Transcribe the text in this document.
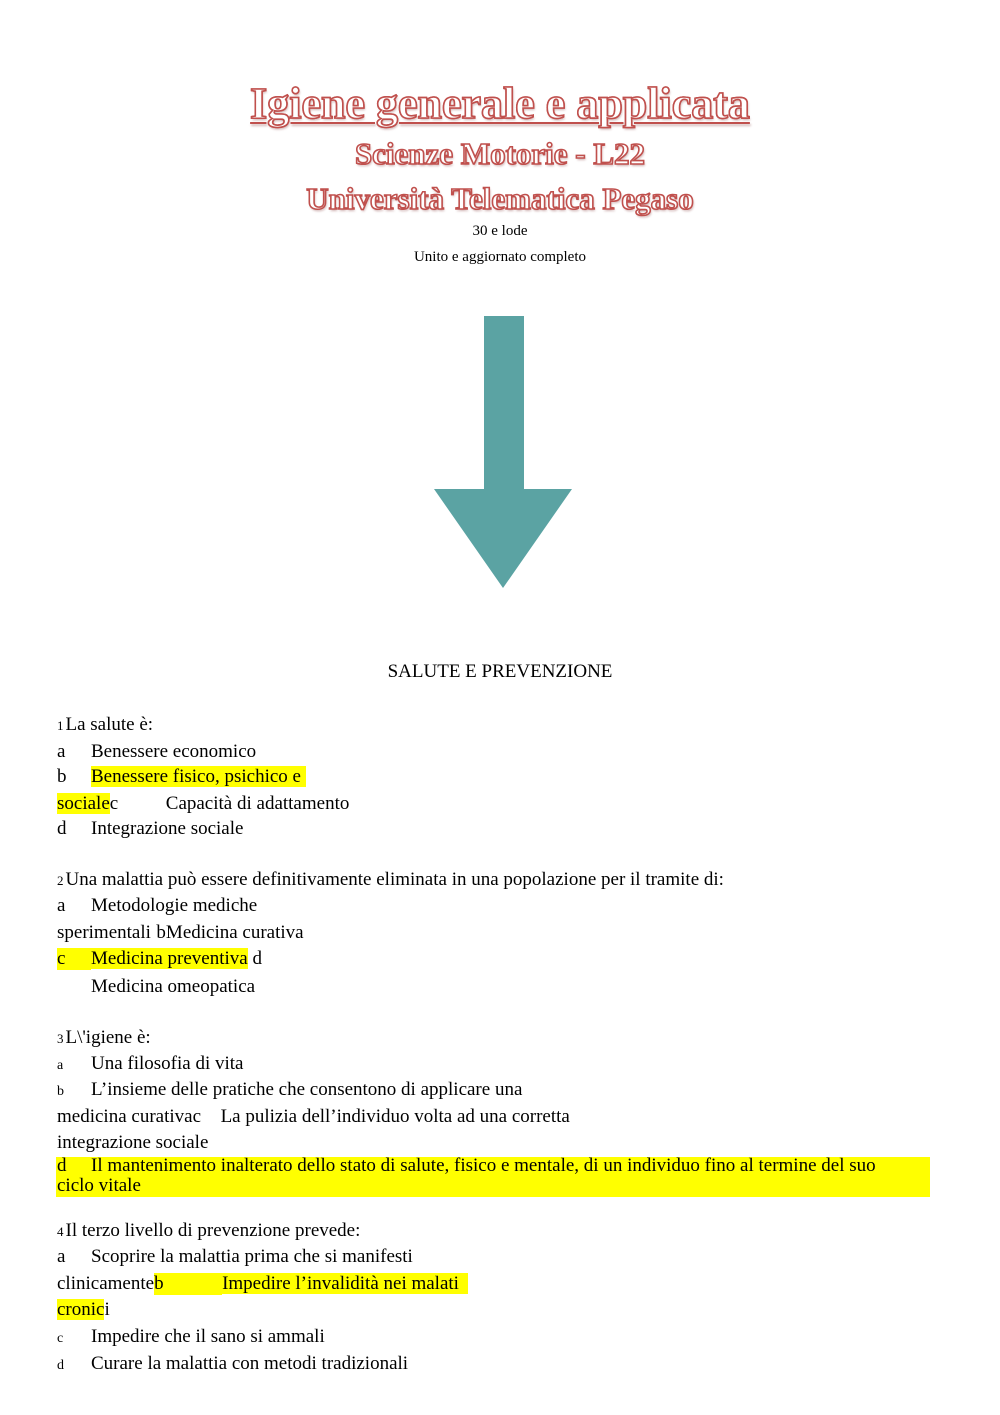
Igiene generale e applicata
Scienze Motorie - L22
Università Telematica Pegaso
30 e lode
Unito e aggiornato completo
SALUTE E PREVENZIONE
1 La salute è:
a Benessere economico
b Benessere fisico, psichico e
socialec	Capacità di adattamento
d Integrazione sociale
2 Una malattia può essere definitivamente eliminata in una popolazione per il tramite di:
a Metodologie mediche
sperimentali bMedicina curativa
c Medicina preventiva d
Medicina omeopatica
3 L\'igiene è:
a Una filosofia di vita
b L’insieme delle pratiche che consentono di applicare una
medicina curativac La pulizia dell’individuo volta ad una corretta
integrazione sociale
d Il mantenimento inalterato dello stato di salute, fisico e mentale, di un individuo fino al termine del suo
ciclo vitale
4 Il terzo livello di prevenzione prevede:
a Scoprire la malattia prima che si manifesti
clinicamenteb	Impedire l’invalidità nei malati
cronici
c Impedire che il sano si ammali
d Curare la malattia con metodi tradizionali
